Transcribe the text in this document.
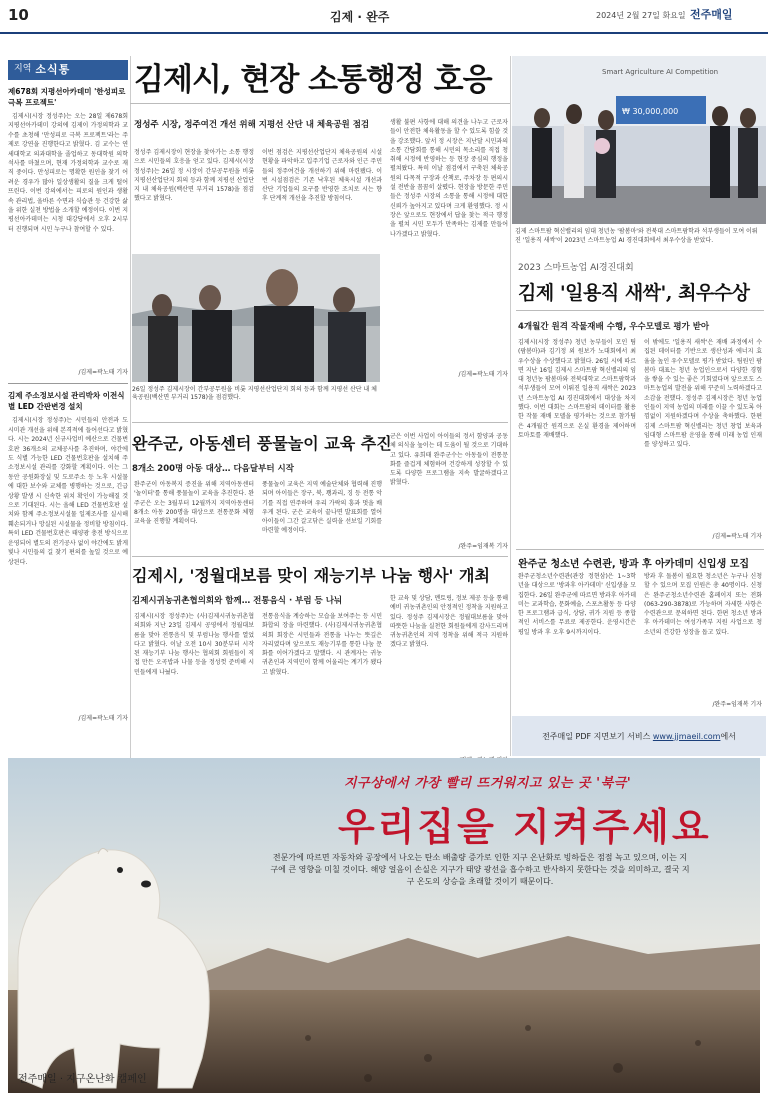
10	김제 · 완주	2024년 2월 27일 화요일 전주매일
지역 소식통
제678회 지평선아카데미 '한성피로 극복 프로젝트'

김제시(시장 정성주)는 오는 28일 제678회 지평선아카데미 강의에 김제이 가정의학과 교수를 초청해 '만성피로 극복 프로젝트'라는 주제로 강연을 진행한다고 밝혔다. 김 교수는 연세대학교 의과대학을 졸업하고 동대학원 의학석사를 마쳤으며, 현재 가정의학과 교수로 재직 중이다. 만성피로는 명확한 원인을 찾기 어려운 경우가 많아 일상생활의 질을 크게 떨어뜨린다. 이번 강의에서는 피로의 원인과 생활 속 관리법, 올바른 수면과 식습관 등 건강한 삶을 위한 실천 방법을 소개할 예정이다. 이번 지평선아카데미는 시청 대강당에서 오후 2시부터 진행되며 시민 누구나 참여할 수 있다.

/김제=곽노태 기자
김제 주소정보시설 관리박차 이전식별 LED 간판변경 설치

김제시(시장 정성주)는 시민들의 안전과 도시미관 개선을 위해 본격적에 들어선다고 밝혔다. 시는 2024년 신규사업비 예산으로 건물번호판 36개소의 교체공사를 추진하며, 야간에도 식별 가능한 LED 건물번호판을 설치해 주소정보시설 관리를 강화할 계획이다. 이는 그동안 공원화장실 및 도로주소 등 노후 시설물에 대한 보수와 교체를 병행하는 것으로, 긴급상황 발생 시 신속한 위치 확인이 가능해질 것으로 기대된다. 시는 올해 LED 건물번호판 설치와 함께 주소정보시설물 일제조사를 실시해 훼손되거나 망실된 시설물을 정비할 방침이다. 특히 LED 건물번호판은 태양광 충전 방식으로 운영되어 별도의 전기공사 없이 야간에도 밝게 빛나 시민들의 길 찾기 편의를 높일 것으로 예상된다.

/김제=곽노태 기자
김제시, 현장 소통행정 호응
정성주 시장, 정주여건 개선 위해 지평선 산단 내 체육공원 점검
정성주 김제시장이 현장을 찾아가는 소통 행정으로 시민들의 호응을 얻고 있다. 김제시(시장 정성주)는 26일 정 시장이 간부공무원을 비롯 지평선산업단지 회의 등과 함께 지평선 산업단지 내 체육공원(백산면 부거리 1578)을 점검했다고 밝혔다.
이번 점검은 지평선산업단지 체육공원의 시설 현황을 파악하고 입주기업 근로자와 인근 주민들의 정주여건을 개선하기 위해 마련됐다. 이번 시설점검은 기존 낙후된 체육시설 개선과 산단 기업들의 요구를 반영한 조치로 시는 향후 단계적 개선을 추진할 방침이다.
생활 불편 사항에 대해 의견을 나누고 근로자들이 안전한 체육활동을 할 수 있도록 힘쓸 것을 강조했다. 앞서 정 시장은 지난달 시민과의 소통 간담회를 통해 시민의 목소리를 직접 청취해 시정에 반영하는 등 현장 중심의 행정을 펼쳐왔다. 특히 이날 점검에서 구축된 체육공원의 다목적 구장과 산책로, 주차장 등 편의시설 전반을 꼼꼼히 살폈다. 현장을 방문한 주민들은 정성주 시장의 소통을 통해 시정에 대한 신뢰가 높아지고 있다며 크게 환영했다. 정 시장은 앞으로도 현장에서 답을 찾는 적극 행정을 펼쳐 시민 모두가 만족하는 김제를 만들어 나가겠다고 밝혔다.
/김제=곽노태 기자
26일 정성주 김제시장이 간부공무원을 비롯 지평선산업단지 회의 등과 함께 지평선 산단 내 체육공원(백산면 부거리 1578)을 점검했다.
Smart Agriculture AI Competition
₩ 30,000,000
김제 스마트팜 혁신밸리의 임대 청년농 '팜봄마'와 전북대 스마트팜학과 석부생들이 모여 이뤄진 '일용직 새싹'이 2023년 스마트농업 AI 경진대회에서 최우수상을 받았다.
2023 스마트농업 AI경진대회
김제 '일용직 새싹', 최우수상
4개월간 원격 작물재배 수행, 우수모델로 평가 받아
김제시(시장 정성주) 청년 농부들이 모인 팀(팜봄마)과 김기정 외 원보가 노대회에서 최우수상을 수상했다고 밝혔다. 26일 시에 따르면 지난 16일 김제시 스마트팜 혁신밸리의 임대 청년농 팜봄마와 전북대학교 스마트팜학과 석부생들이 모여 이뤄진 일용직 새싹은 2023년 스마트농업 AI 경진대회에서 대상을 차지했다. 이번 대회는 스마트팜의 데이터를 활용한 작물 재배 모델을 평가하는 것으로 참가팀은 4개월간 원격으로 온실 환경을 제어하며 토마토를 재배했다.
이 밖에도 '일용직 새싹'은 재배 과정에서 수집된 데이터를 기반으로 생산성과 에너지 효율을 높인 우수모델로 평가 받았다. 팀원인 팜봄마 대표는 청년 농업인으로서 다양한 경험을 쌓을 수 있는 좋은 기회였다며 앞으로도 스마트농업의 발전을 위해 꾸준히 노력하겠다고 소감을 전했다. 정성주 김제시장은 청년 농업인들이 지역 농업의 미래를 이끌 수 있도록 아낌없이 지원하겠다며 수상을 축하했다. 한편 김제 스마트팜 혁신밸리는 청년 창업 보육과 임대형 스마트팜 운영을 통해 미래 농업 인재를 양성하고 있다.
/김제=곽노태 기자
완주군, 아동센터 풍물놀이 교육 추진
8개소 200명 아동 대상… 다음달부터 시작
완주군이 아동복지 증진을 위해 지역아동센터 '놀이터'를 통해 풍물놀이 교육을 추진한다. 완주군은 오는 3월부터 12월까지 지역아동센터 8개소 아동 200명을 대상으로 전통문화 체험 교육을 진행할 계획이다.
풍물놀이 교육은 지역 예술단체와 협력해 진행되며 아이들은 장구, 북, 꽹과리, 징 등 전통 악기를 직접 연주하며 우리 가락의 흥과 멋을 배우게 된다. 군은 교육이 끝나면 발표회를 열어 아이들이 그간 갈고닦은 실력을 선보일 기회를 마련할 예정이다.
군은 이번 사업이 아이들의 정서 함양과 공동체 의식을 높이는 데 도움이 될 것으로 기대하고 있다. 유희태 완주군수는 아동들이 전통문화를 즐겁게 체험하며 건강하게 성장할 수 있도록 다양한 프로그램을 지속 발굴하겠다고 밝혔다.
/완주=임재복 기자
김제시, '정월대보름 맞이 재능기부 나눔 행사' 개최
김제시귀농귀촌협의회와 함께… 전통음식 · 부럼 등 나눠
김제시(시장 정성주)는 (사)김제시귀농귀촌협의회와 지난 23일 김제시 공영에서 정월대보름을 맞아 전통음식 및 부럼나눔 행사를 열었다고 밝혔다. 이날 오전 10시 30분부터 시작된 재능기부 나눔 행사는 협의회 회원들이 직접 만든 오곡밥과 나물 등을 정성껏 준비해 시민들에게 나눴다.
전통음식을 계승하는 모습을 보여주는 등 시민 화합의 장을 마련했다. (사)김제시귀농귀촌협의회 회장은 시민들과 전통을 나누는 뜻깊은 자리였다며 앞으로도 재능기부를 통한 나눔 문화를 이어가겠다고 말했다. 시 관계자는 귀농귀촌인과 지역민이 함께 어울리는 계기가 됐다고 밝혔다.
한 교육 및 상담, 멘토링, 정보 제공 등을 통해 예비 귀농귀촌인의 안정적인 정착을 지원하고 있다. 정성주 김제시장은 정월대보름을 맞아 따뜻한 나눔을 실천한 회원들에게 감사드리며 귀농귀촌인의 지역 정착을 위해 적극 지원하겠다고 밝혔다.
완주군 청소년 수련관, 방과 후 아카데미 신입생 모집
완주군청소년수련관(관장 정현삼)은 1~3학년을 대상으로 '방과후 아카데미' 신입생을 모집한다. 26일 완주군에 따르면 방과후 아카데미는 교과학습, 문화예술, 스포츠활동 등 다양한 프로그램과 급식, 상담, 귀가 지원 등 종합적인 서비스를 무료로 제공한다. 운영시간은 평일 방과 후 오후 9시까지이다.
방과 후 돌봄이 필요한 청소년은 누구나 신청할 수 있으며 모집 인원은 총 40명이다. 신청은 완주군청소년수련관 홈페이지 또는 전화(063-290-3878)로 가능하며 자세한 사항은 수련관으로 문의하면 된다. 한편 청소년 방과후 아카데미는 여성가족부 지원 사업으로 청소년의 건강한 성장을 돕고 있다.
/완주=임재복 기자
전주매일 PDF 지면보기 서비스
www.jjmaeil.com 에서
지구상에서 가장 빨리 뜨거워지고 있는 곳 '북극'
우리집을 지켜주세요
전문가에 따르면 자동차와 공장에서 나오는 탄소 배출량 증가로 인한 지구 온난화로 빙하들은 점점 녹고 있으며, 이는 지구에 큰 영향을 미칠 것이다. 해양 얼음이 손실은 지구가 태양 광선을 흡수하고 반사하지 못한다는 것을 의미하고, 결국 지구 온도의 상승을 초래할 것이기 때문이다.
전주매일 · 지구온난화 캠페인
